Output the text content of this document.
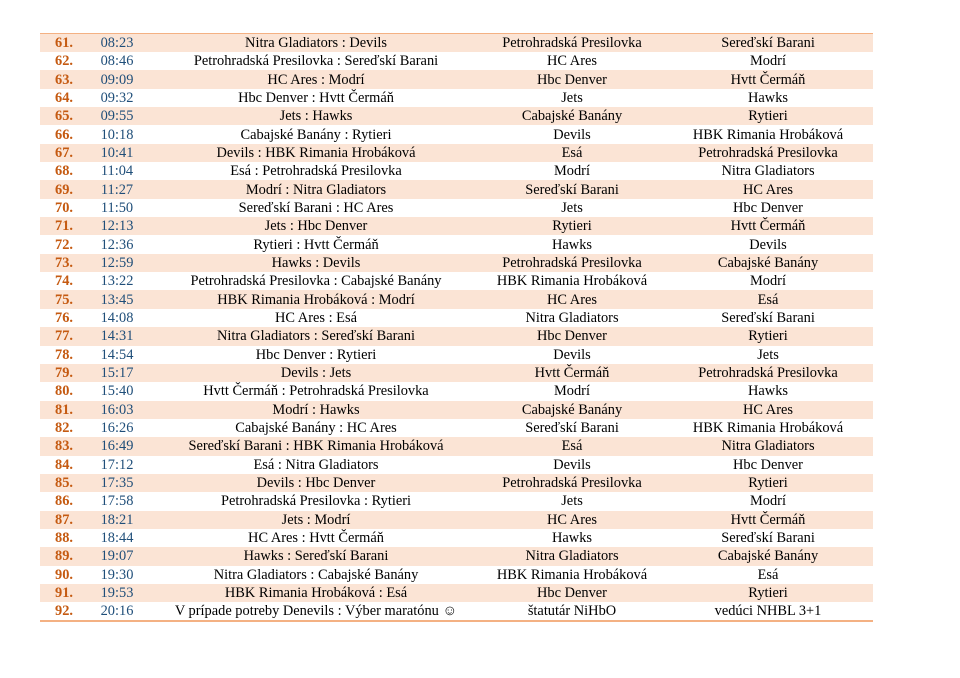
61.	08:23	Nitra Gladiators : Devils	Petrohradská Presilovka	Sereďskí Barani
62.	08:46	Petrohradská Presilovka : Sereďskí Barani	HC Ares	Modrí
63.	09:09	HC Ares : Modrí	Hbc Denver	Hvtt Čermáň
64.	09:32	Hbc Denver : Hvtt Čermáň	Jets	Hawks
65.	09:55	Jets : Hawks	Cabajské Banány	Rytieri
66.	10:18	Cabajské Banány : Rytieri	Devils	HBK Rimania Hrobáková
67.	10:41	Devils : HBK Rimania Hrobáková	Esá	Petrohradská Presilovka
68.	11:04	Esá : Petrohradská Presilovka	Modrí	Nitra Gladiators
69.	11:27	Modrí : Nitra Gladiators	Sereďskí Barani	HC Ares
70.	11:50	Sereďskí Barani : HC Ares	Jets	Hbc Denver
71.	12:13	Jets : Hbc Denver	Rytieri	Hvtt Čermáň
72.	12:36	Rytieri : Hvtt Čermáň	Hawks	Devils
73.	12:59	Hawks : Devils	Petrohradská Presilovka	Cabajské Banány
74.	13:22	Petrohradská Presilovka : Cabajské Banány	HBK Rimania Hrobáková	Modrí
75.	13:45	HBK Rimania Hrobáková : Modrí	HC Ares	Esá
76.	14:08	HC Ares : Esá	Nitra Gladiators	Sereďskí Barani
77.	14:31	Nitra Gladiators : Sereďskí Barani	Hbc Denver	Rytieri
78.	14:54	Hbc Denver : Rytieri	Devils	Jets
79.	15:17	Devils : Jets	Hvtt Čermáň	Petrohradská Presilovka
80.	15:40	Hvtt Čermáň : Petrohradská Presilovka	Modrí	Hawks
81.	16:03	Modrí : Hawks	Cabajské Banány	HC Ares
82.	16:26	Cabajské Banány : HC Ares	Sereďskí Barani	HBK Rimania Hrobáková
83.	16:49	Sereďskí Barani : HBK Rimania Hrobáková	Esá	Nitra Gladiators
84.	17:12	Esá : Nitra Gladiators	Devils	Hbc Denver
85.	17:35	Devils : Hbc Denver	Petrohradská Presilovka	Rytieri
86.	17:58	Petrohradská Presilovka : Rytieri	Jets	Modrí
87.	18:21	Jets : Modrí	HC Ares	Hvtt Čermáň
88.	18:44	HC Ares : Hvtt Čermáň	Hawks	Sereďskí Barani
89.	19:07	Hawks : Sereďskí Barani	Nitra Gladiators	Cabajské Banány
90.	19:30	Nitra Gladiators : Cabajské Banány	HBK Rimania Hrobáková	Esá
91.	19:53	HBK Rimania Hrobáková : Esá	Hbc Denver	Rytieri
92.	20:16	V prípade potreby Denevils : Výber maratónu ☺	štatutár NiHbO	vedúci NHBL 3+1
